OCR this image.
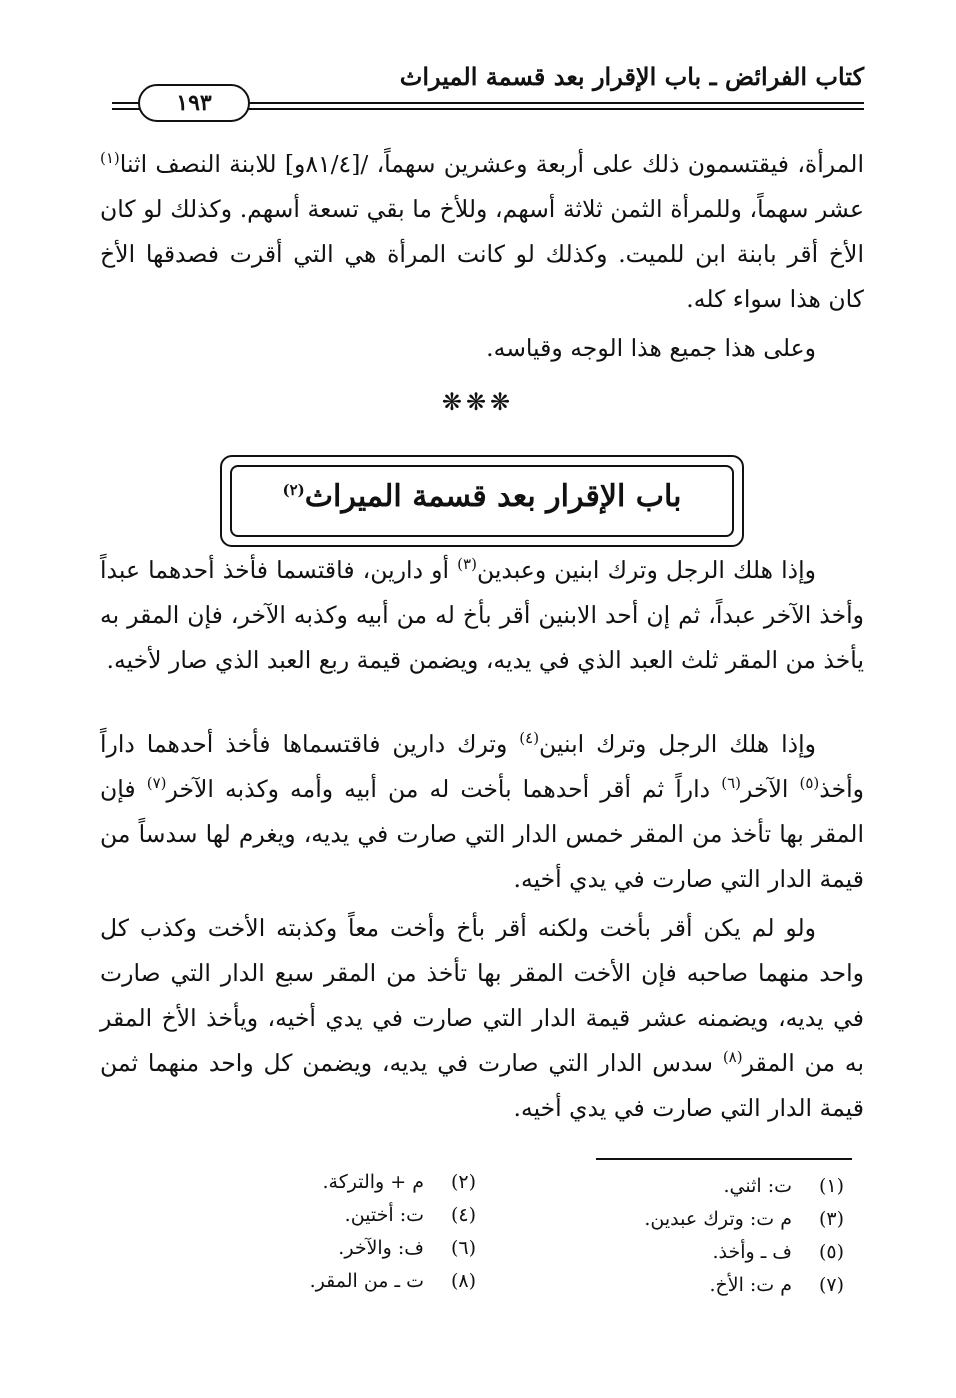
كتاب الفرائض ـ باب الإقرار بعد قسمة الميراث
١٩٣

المرأة، فيقتسمون ذلك على أربعة وعشرين سهماً، /[٨١/٤و] للابنة النصف اثنا$^{(١)}$ عشر سهماً، وللمرأة الثمن ثلاثة أسهم، وللأخ ما بقي تسعة أسهم. وكذلك لو كان الأخ أقر بابنة ابن للميت. وكذلك لو كانت المرأة هي التي أقرت فصدقها الأخ كان هذا سواء كله.

وعلى هذا جميع هذا الوجه وقياسه.

❋❋❋
باب الإقرار بعد قسمة الميراث$^{(٢)}$

وإذا هلك الرجل وترك ابنين وعبدين$^{(٣)}$ أو دارين، فاقتسما فأخذ أحدهما عبداً وأخذ الآخر عبداً، ثم إن أحد الابنين أقر بأخ له من أبيه وكذبه الآخر، فإن المقر به يأخذ من المقر ثلث العبد الذي في يديه، ويضمن قيمة ربع العبد الذي صار لأخيه.

وإذا هلك الرجل وترك ابنين$^{(٤)}$ وترك دارين فاقتسماها فأخذ أحدهما داراً وأخذ$^{(٥)}$ الآخر$^{(٦)}$ داراً ثم أقر أحدهما بأخت له من أبيه وأمه وكذبه الآخر$^{(٧)}$ فإن المقر بها تأخذ من المقر خمس الدار التي صارت في يديه، ويغرم لها سدساً من قيمة الدار التي صارت في يدي أخيه.

ولو لم يكن أقر بأخت ولكنه أقر بأخ وأخت معاً وكذبته الأخت وكذب كل واحد منهما صاحبه فإن الأخت المقر بها تأخذ من المقر سبع الدار التي صارت في يديه، ويضمنه عشر قيمة الدار التي صارت في يدي أخيه، ويأخذ الأخ المقر به من المقر$^{(٨)}$ سدس الدار التي صارت في يديه، ويضمن كل واحد منهما ثمن قيمة الدار التي صارت في يدي أخيه.

(١)ت: اثني.
(٣)م ت: وترك عبدين.
(٥)ف ـ وأخذ.
(٧)م ت: الأخ.
(٢)م + والتركة.
(٤)ت: أختين.
(٦)ف: والآخر.
(٨)ت ـ من المقر.
